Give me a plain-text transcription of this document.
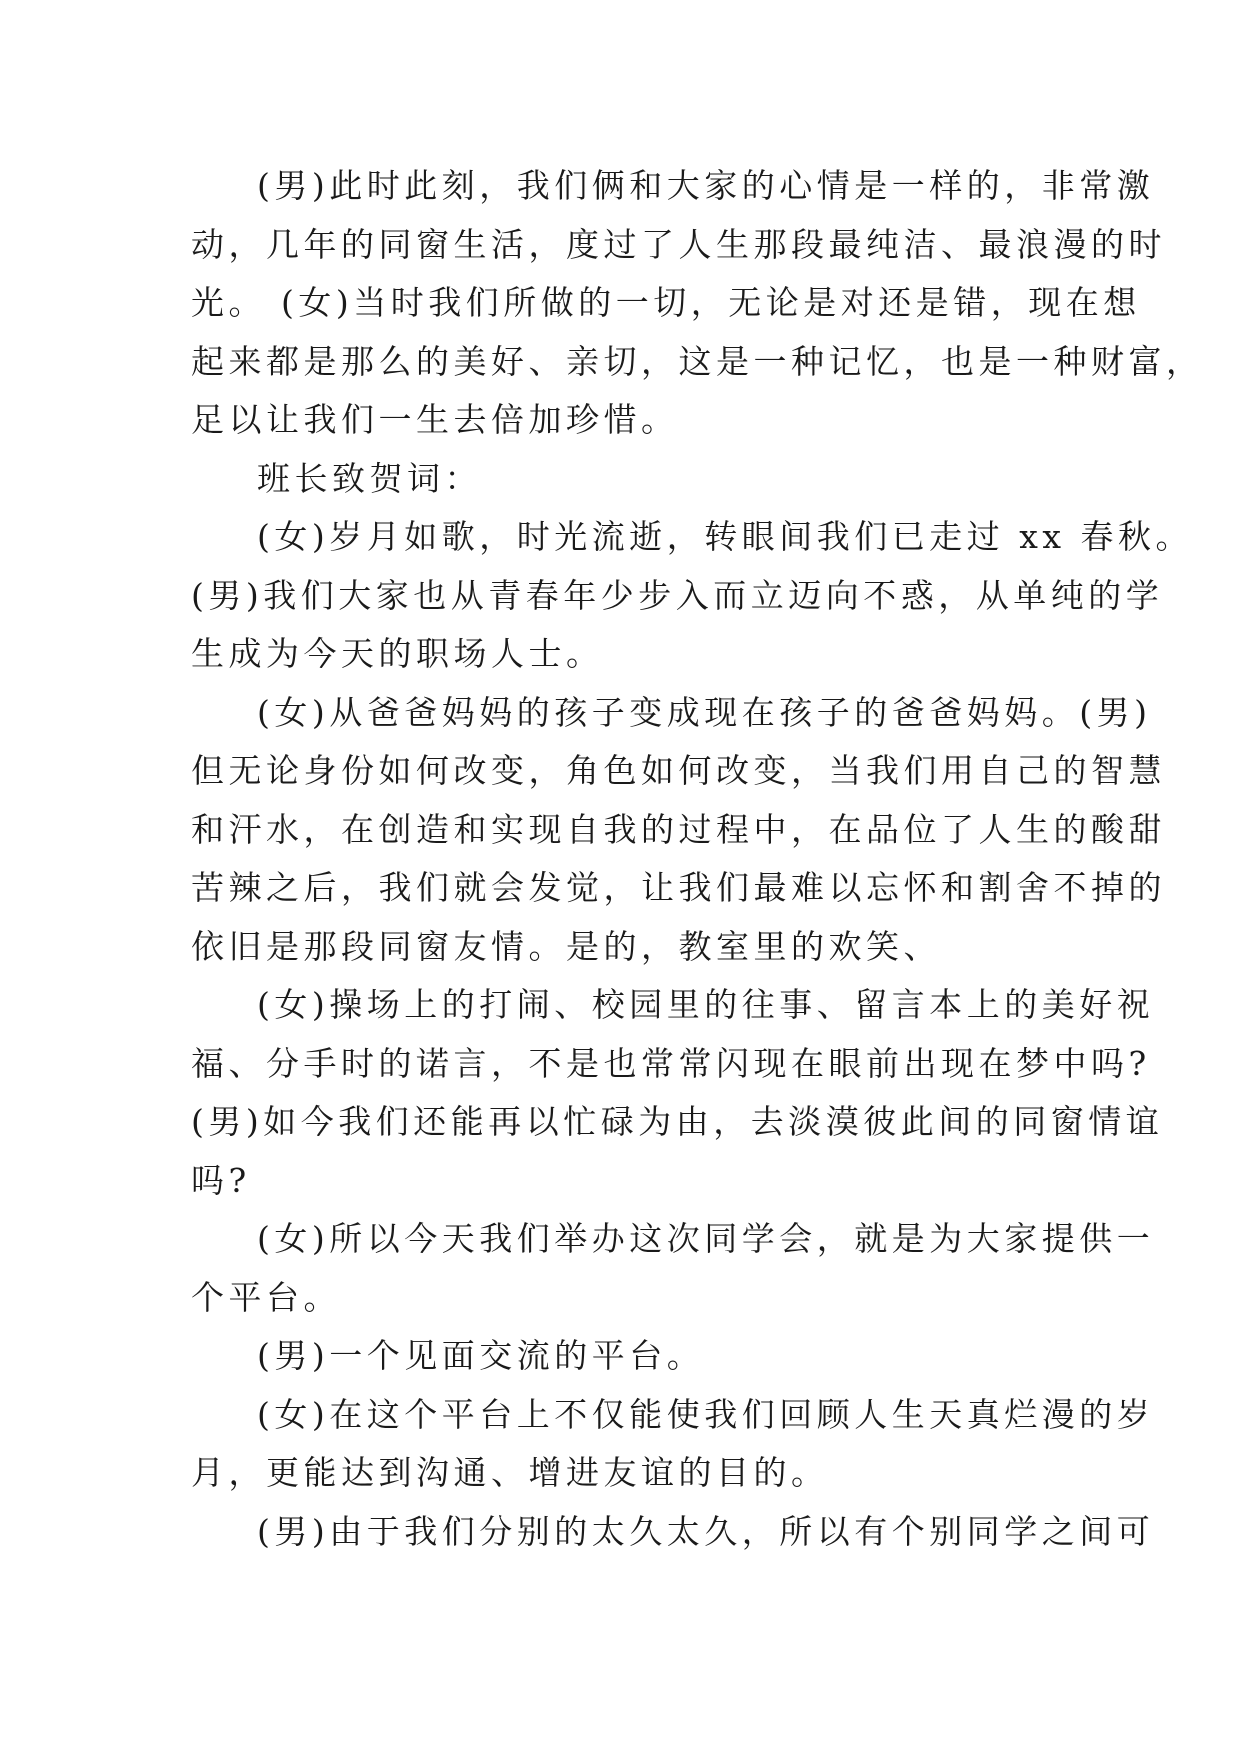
(男)此时此刻，我们俩和大家的心情是一样的，非常激
动，几年的同窗生活，度过了人生那段最纯洁、最浪漫的时
光。 (女)当时我们所做的一切，无论是对还是错，现在想
起来都是那么的美好、亲切，这是一种记忆，也是一种财富，
足以让我们一生去倍加珍惜。
班长致贺词：
(女)岁月如歌，时光流逝，转眼间我们已走过 xx 春秋。
(男)我们大家也从青春年少步入而立迈向不惑，从单纯的学
生成为今天的职场人士。
(女)从爸爸妈妈的孩子变成现在孩子的爸爸妈妈。(男)
但无论身份如何改变，角色如何改变，当我们用自己的智慧
和汗水，在创造和实现自我的过程中，在品位了人生的酸甜
苦辣之后，我们就会发觉，让我们最难以忘怀和割舍不掉的
依旧是那段同窗友情。是的，教室里的欢笑、
(女)操场上的打闹、校园里的往事、留言本上的美好祝
福、分手时的诺言，不是也常常闪现在眼前出现在梦中吗?
(男)如今我们还能再以忙碌为由，去淡漠彼此间的同窗情谊
吗?
(女)所以今天我们举办这次同学会，就是为大家提供一
个平台。
(男)一个见面交流的平台。
(女)在这个平台上不仅能使我们回顾人生天真烂漫的岁
月，更能达到沟通、增进友谊的目的。
(男)由于我们分别的太久太久，所以有个别同学之间可
